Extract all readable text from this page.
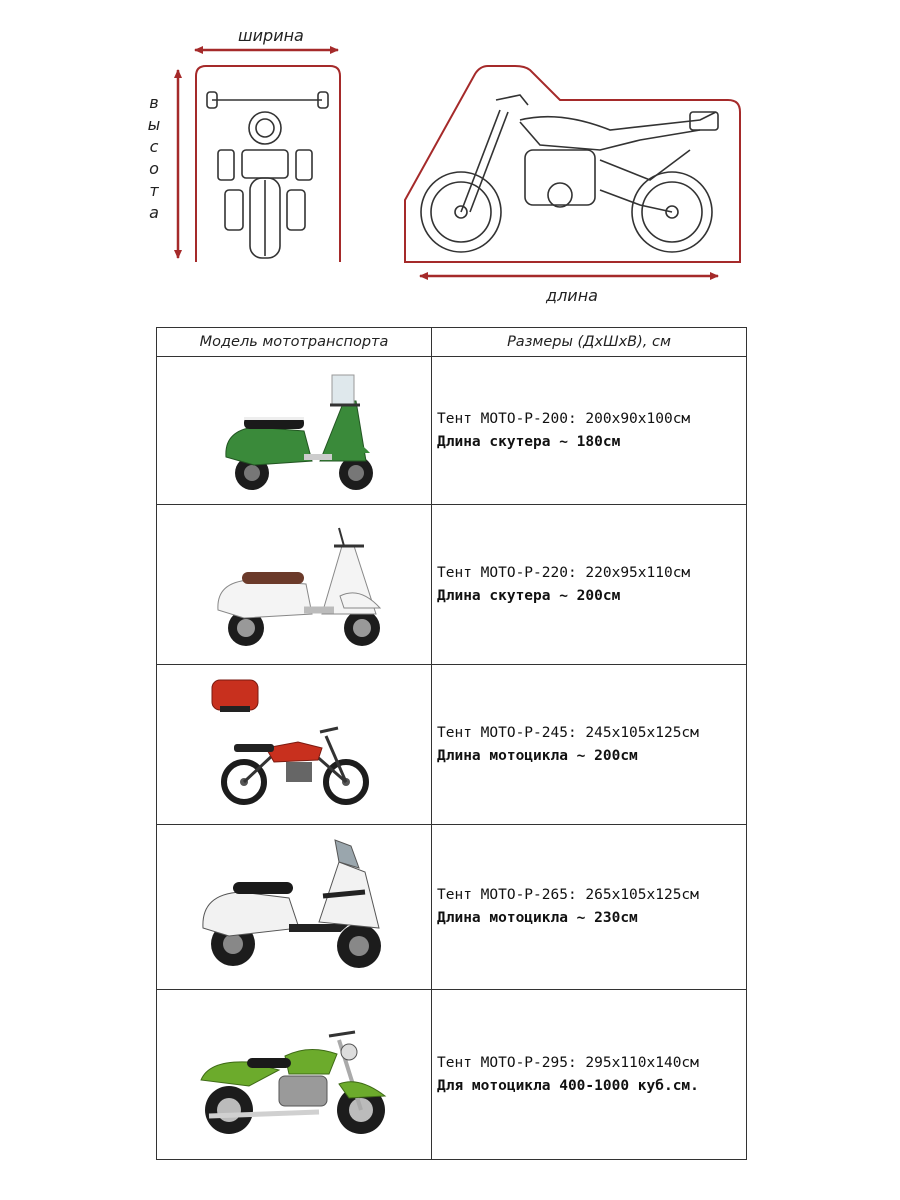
ширина
в
ы
с
о
т
а
длина
Модель мототранспорта	Размеры (ДхШхВ), см

Тент MOTO-P-200: 200x90x100см
Длина скутера ~ 180см

Тент MOTO-P-220: 220x95x110см
Длина скутера ~ 200см

Тент MOTO-P-245: 245x105x125см
Длина мотоцикла ~ 200см

Тент MOTO-P-265: 265x105x125см
Длина мотоцикла ~ 230см

Тент MOTO-P-295: 295x110x140см
Для мотоцикла 400-1000 куб.см.
